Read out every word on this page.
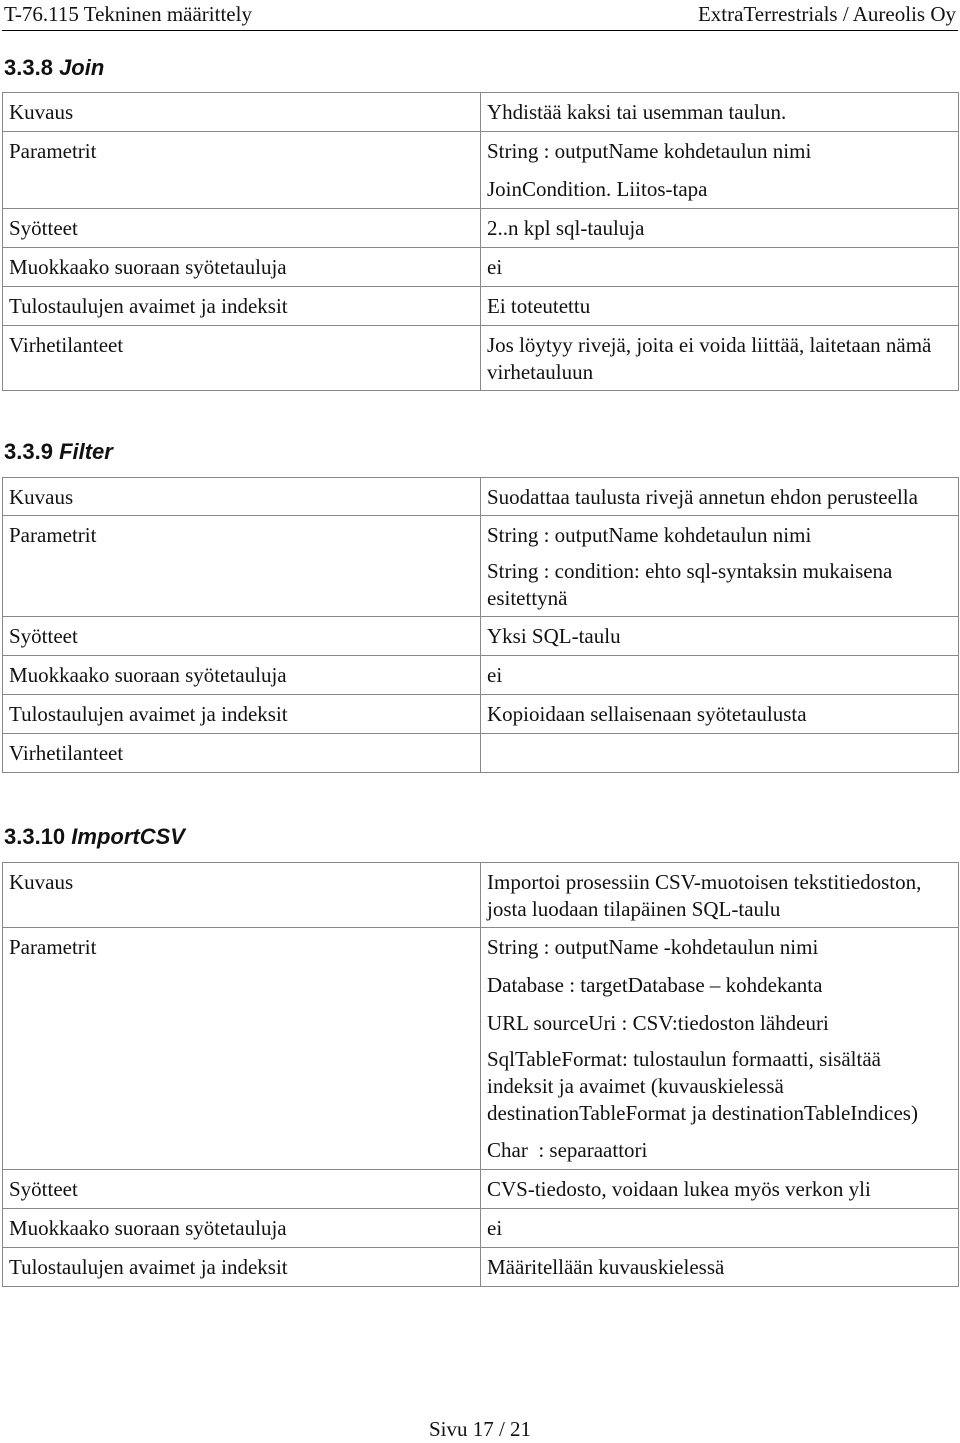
T-76.115 Tekninen määrittely	ExtraTerrestrials / Aureolis Oy
3.3.8 Join
Kuvaus	Yhdistää kaksi tai usemman taulun.

Parametrit	String : outputName kohdetaulun nimi
JoinCondition. Liitos-tapa

Syötteet	2..n kpl sql-tauluja

Muokkaako suoraan syötetauluja	ei

Tulostaulujen avaimet ja indeksit	Ei toteutettu

Virhetilanteet	Jos löytyy rivejä, joita ei voida liittää, laitetaan nämä virhetauluun
3.3.9 Filter
Kuvaus	Suodattaa taulusta rivejä annetun ehdon perusteella

Parametrit	String : outputName kohdetaulun nimi
String : condition: ehto sql-syntaksin mukaisena esitettynä

Syötteet	Yksi SQL-taulu

Muokkaako suoraan syötetauluja	ei

Tulostaulujen avaimet ja indeksit	Kopioidaan sellaisenaan syötetaulusta

Virhetilanteet	

3.3.10 ImportCSV
Kuvaus	Importoi prosessiin CSV-muotoisen tekstitiedoston, josta luodaan tilapäinen SQL-taulu

Parametrit	String : outputName -kohdetaulun nimi
Database : targetDatabase – kohdekanta
URL sourceUri : CSV:tiedoston lähdeuri
SqlTableFormat: tulostaulun formaatti, sisältää indeksit ja avaimet (kuvauskielessä destinationTableFormat ja destinationTableIndices)
Char  : separaattori

Syötteet	CVS-tiedosto, voidaan lukea myös verkon yli

Muokkaako suoraan syötetauluja	ei

Tulostaulujen avaimet ja indeksit	Määritellään kuvauskielessä
Sivu 17 / 21
